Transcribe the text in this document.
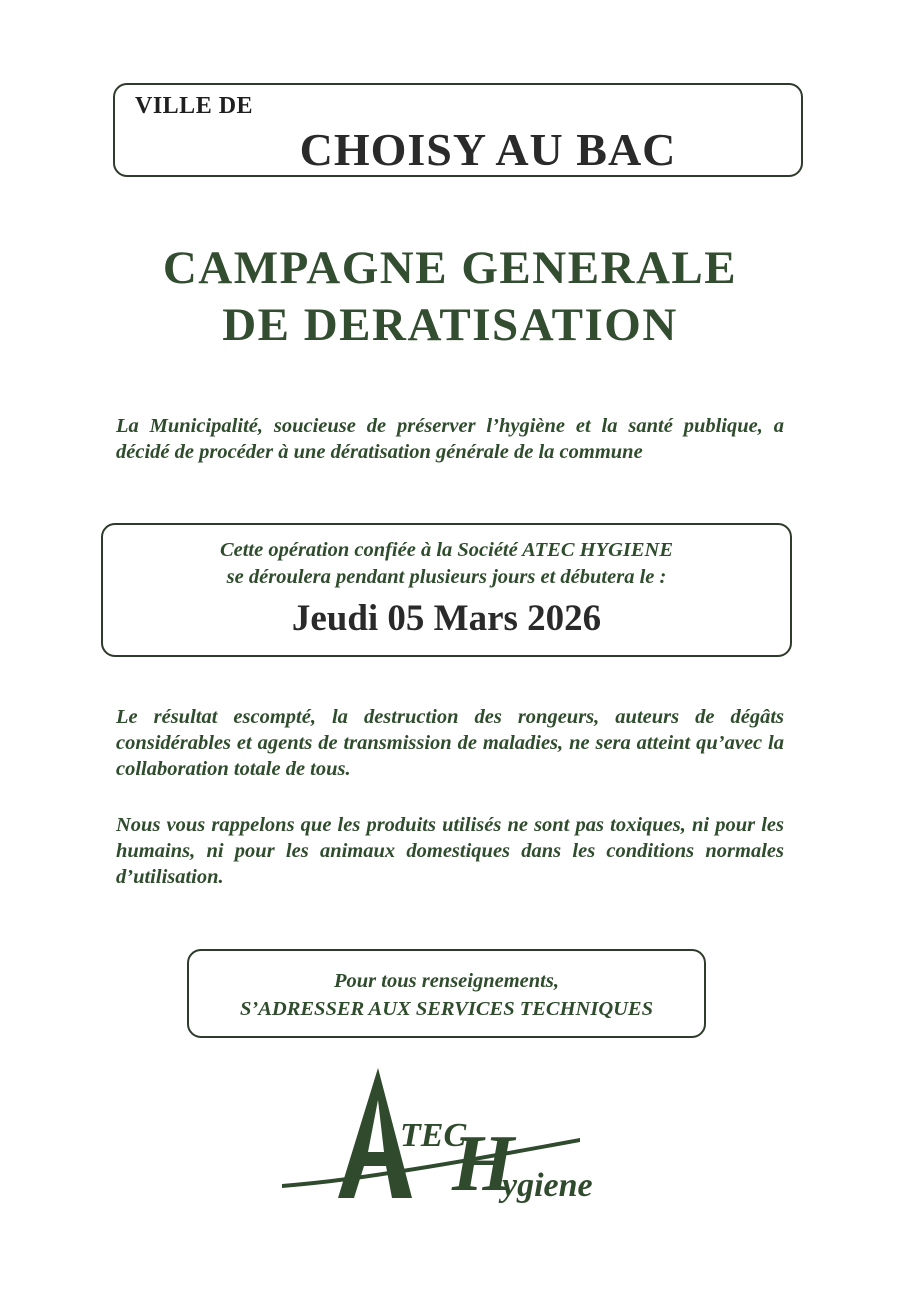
VILLE DE
CHOISY AU BAC
CAMPAGNE GENERALE
DE DERATISATION
La Municipalité, soucieuse de préserver l’hygiène et la santé publique, a décidé de procéder à une dératisation générale de la commune
Cette opération confiée à la Société ATEC HYGIENE
se déroulera pendant plusieurs jours et débutera le :
Jeudi 05 Mars 2026
Le résultat escompté, la destruction des rongeurs, auteurs de dégâts considérables et agents de transmission de maladies, ne sera atteint qu’avec la collaboration totale de tous.
Nous vous rappelons que les produits utilisés ne sont pas toxiques, ni pour les humains, ni pour les animaux domestiques dans les conditions normales d’utilisation.
Pour tous renseignements,
S’ADRESSER AUX SERVICES TECHNIQUES
TEC
H
ygiene
